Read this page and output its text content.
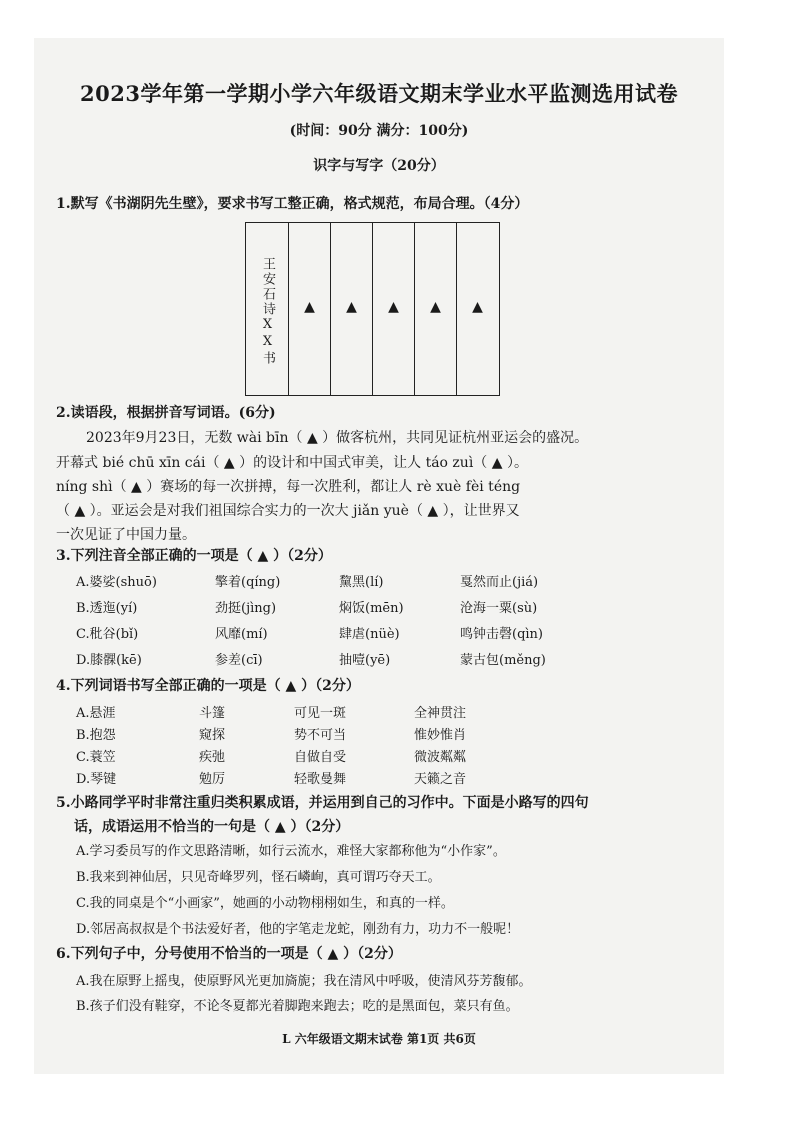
2023学年第一学期小学六年级语文期末学业水平监测选用试卷
(时间：90分 满分：100分)
识字与写字（20分）
1.默写《书湖阴先生壁》，要求书写工整正确，格式规范，布局合理。（4分）
王安石诗ⅩⅩ书	▲	▲	▲	▲	▲
2.读语段，根据拼音写词语。(6分)
2023年9月23日，无数 wài bīn（ ▲ ）做客杭州，共同见证杭州亚运会的盛况。
开幕式 bié chū xīn cái（ ▲ ）的设计和中国式审美，让人 táo zuì（ ▲ ）。
níng shì（ ▲ ）赛场的每一次拼搏，每一次胜利，都让人 rè xuè fèi téng
（ ▲ ）。亚运会是对我们祖国综合实力的一次大 jiǎn yuè（ ▲ ），让世界又
一次见证了中国力量。
3.下列注音全部正确的一项是（ ▲ ）（2分）
A.婆娑(shuō)	擎着(qíng)	黧黑(lí)	戛然而止(jiá)
B.透迤(yí)	劲挺(jìng)	焖饭(mēn)	沧海一粟(sù)
C.秕谷(bǐ)	风靡(mí)	肆虐(nüè)	鸣钟击磬(qìn)
D.膝髁(kē)	参差(cī)	抽噎(yē)	蒙古包(měng)
4.下列词语书写全部正确的一项是（ ▲ ）（2分）
A.悬涯	斗篷	可见一斑	全神贯注
B.抱怨	窥探	势不可当	惟妙惟肖
C.蓑笠	疾弛	自做自受	微波粼粼
D.琴键	勉厉	轻歌曼舞	天籁之音
5.小路同学平时非常注重归类积累成语，并运用到自己的习作中。下面是小路写的四句
话，成语运用不恰当的一句是（ ▲ ）（2分）
A.学习委员写的作文思路清晰，如行云流水，难怪大家都称他为“小作家”。
B.我来到神仙居，只见奇峰罗列，怪石嶙峋，真可谓巧夺天工。
C.我的同桌是个“小画家”，她画的小动物栩栩如生，和真的一样。
D.邻居高叔叔是个书法爱好者，他的字笔走龙蛇，刚劲有力，功力不一般呢！
6.下列句子中，分号使用不恰当的一项是（ ▲ ）（2分）
A.我在原野上摇曳，使原野风光更加旖旎；我在清风中呼吸，使清风芬芳馥郁。
B.孩子们没有鞋穿，不论冬夏都光着脚跑来跑去；吃的是黑面包，菜只有鱼。
L 六年级语文期末试卷 第1页 共6页
